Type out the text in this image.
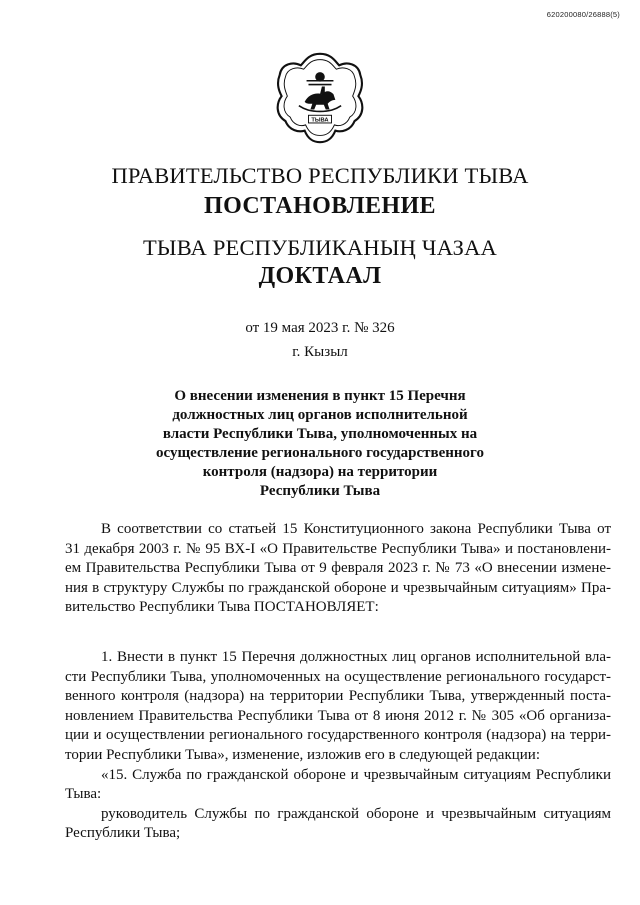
620200080/26888(5)
ТЫВА
ПРАВИТЕЛЬСТВО РЕСПУБЛИКИ ТЫВА
ПОСТАНОВЛЕНИЕ
ТЫВА РЕСПУБЛИКАНЫҢ ЧАЗАА
ДОКТААЛ
от 19 мая 2023 г. № 326
г. Кызыл
О внесении изменения в пункт 15 Перечня
должностных лиц органов исполнительной
власти Республики Тыва, уполномоченных на
осуществление регионального государственного
контроля (надзора) на территории
Республики Тыва
В соответствии со статьей 15 Конституционного закона Республики Тыва от
31 декабря 2003 г. № 95 ВХ-I «О Правительстве Республики Тыва» и постановлени-
ем Правительства Республики Тыва от 9 февраля 2023 г. № 73 «О внесении измене-
ния в структуру Службы по гражданской обороне и чрезвычайным ситуациям» Пра-
вительство Республики Тыва ПОСТАНОВЛЯЕТ:
1. Внести в пункт 15 Перечня должностных лиц органов исполнительной вла-
сти Республики Тыва, уполномоченных на осуществление регионального государст-
венного контроля (надзора) на территории Республики Тыва, утвержденный поста-
новлением Правительства Республики Тыва от 8 июня 2012 г. № 305 «Об организа-
ции и осуществлении регионального государственного контроля (надзора) на терри-
тории Республики Тыва», изменение, изложив его в следующей редакции:
«15. Служба по гражданской обороне и чрезвычайным ситуациям Республики
Тыва:
руководитель Службы по гражданской обороне и чрезвычайным ситуациям
Республики Тыва;
